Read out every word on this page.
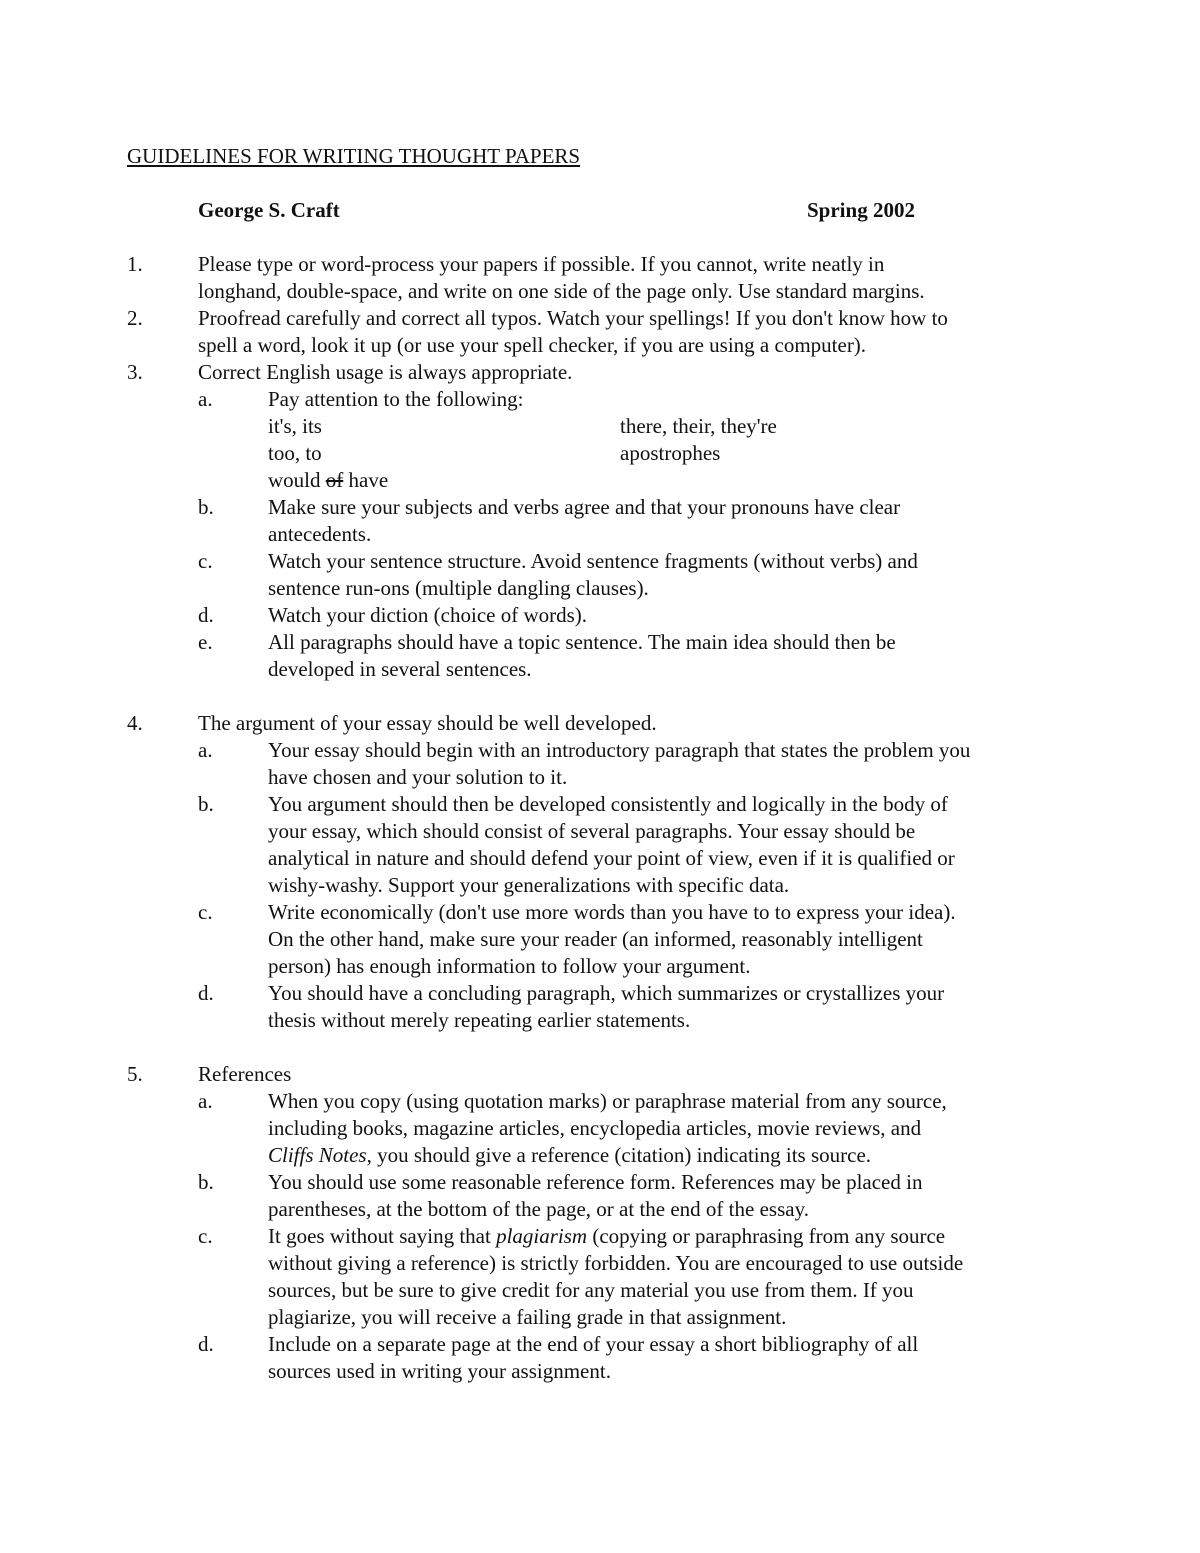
GUIDELINES FOR WRITING THOUGHT PAPERS
George S. Craft	Spring 2002
1.	Please type or word-process your papers if possible. If you cannot, write neatly in
longhand, double-space, and write on one side of the page only. Use standard margins.
2.	Proofread carefully and correct all typos. Watch your spellings! If you don't know how to
spell a word, look it up (or use your spell checker, if you are using a computer).
3.	Correct English usage is always appropriate.
a.	Pay attention to the following:
it's, its	there, their, they're
too, to	apostrophes
would of have
b.	Make sure your subjects and verbs agree and that your pronouns have clear
antecedents.
c.	Watch your sentence structure. Avoid sentence fragments (without verbs) and
sentence run-ons (multiple dangling clauses).
d.	Watch your diction (choice of words).
e.	All paragraphs should have a topic sentence. The main idea should then be
developed in several sentences.
4.	The argument of your essay should be well developed.
a.	Your essay should begin with an introductory paragraph that states the problem you
have chosen and your solution to it.
b.	You argument should then be developed consistently and logically in the body of
your essay, which should consist of several paragraphs. Your essay should be
analytical in nature and should defend your point of view, even if it is qualified or
wishy-washy. Support your generalizations with specific data.
c.	Write economically (don't use more words than you have to to express your idea).
On the other hand, make sure your reader (an informed, reasonably intelligent
person) has enough information to follow your argument.
d.	You should have a concluding paragraph, which summarizes or crystallizes your
thesis without merely repeating earlier statements.
5.	References
a.	When you copy (using quotation marks) or paraphrase material from any source,
including books, magazine articles, encyclopedia articles, movie reviews, and
Cliffs Notes, you should give a reference (citation) indicating its source.
b.	You should use some reasonable reference form. References may be placed in
parentheses, at the bottom of the page, or at the end of the essay.
c.	It goes without saying that plagiarism (copying or paraphrasing from any source
without giving a reference) is strictly forbidden. You are encouraged to use outside
sources, but be sure to give credit for any material you use from them. If you
plagiarize, you will receive a failing grade in that assignment.
d.	Include on a separate page at the end of your essay a short bibliography of all
sources used in writing your assignment.
